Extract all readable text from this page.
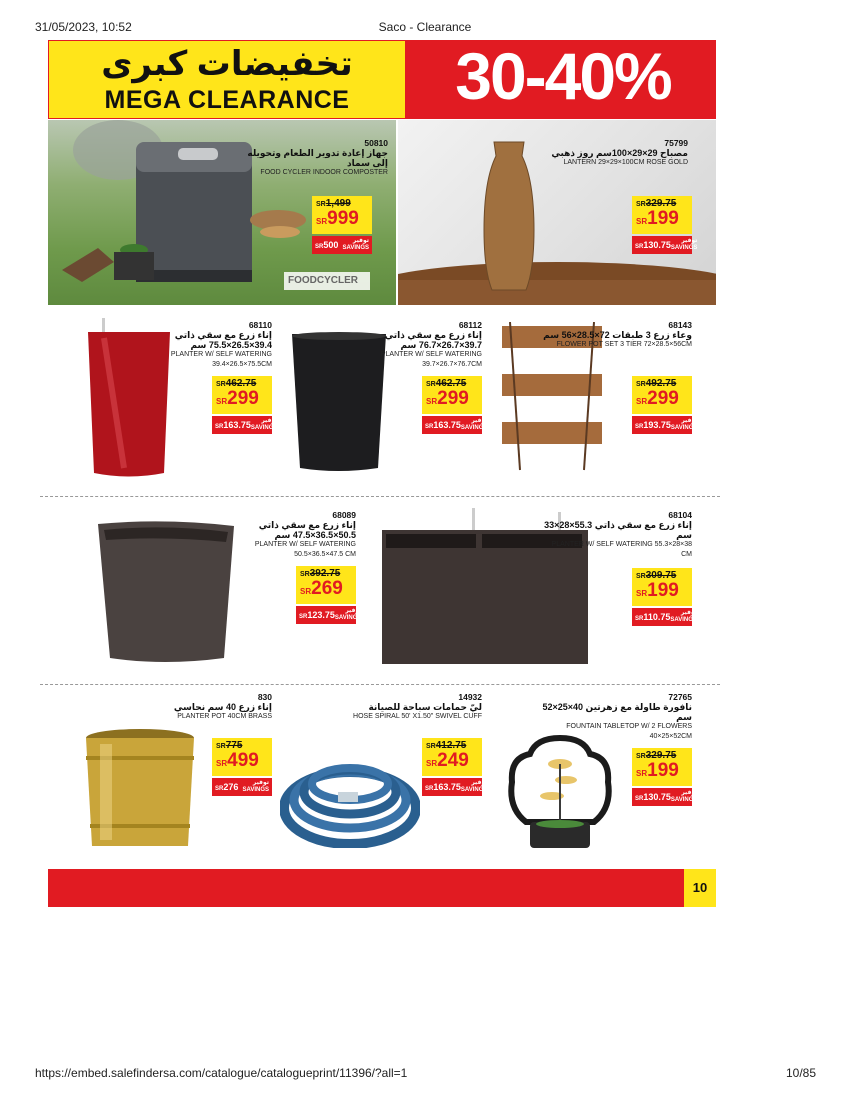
31/05/2023, 10:52	Saco - Clearance
تخفيضات كبرى
MEGA CLEARANCE	30-40%
FOODCYCLER
50810
جهاز إعادة تدوير الطعام وتحويله إلى سماد
FOOD CYCLER INDOOR COMPOSTER
SR1,499
SR999
SR500	توفير
SAVINGS
75799
مصباح 29×29×100سم روز ذهبي
LANTERN 29×29×100CM ROSE GOLD
SR329.75
SR199
SR130.75	توفير
SAVINGS
68110
إناء زرع مع سقي ذاتي 39.4×26.5×75.5 سم
PLANTER W/ SELF WATERING 39.4×26.5×75.5CM
SR462.75
SR299
SR163.75	توفير
SAVINGS
68112
إناء زرع مع سقي ذاتي 39.7×26.7×76.7 سم
PLANTER W/ SELF WATERING 39.7×26.7×76.7CM
SR462.75
SR299
SR163.75	توفير
SAVINGS
68143
وعاء زرع 3 طبقات 72×28.5×56 سم
FLOWER POT SET 3 TIER 72×28.5×56CM
SR492.75
SR299
SR193.75	توفير
SAVINGS
68089
إناء زرع مع سقي ذاتي 50.5×36.5×47.5 سم
PLANTER W/ SELF WATERING 50.5×36.5×47.5 CM
SR392.75
SR269
SR123.75	توفير
SAVINGS
68104
إناء زرع مع سقي ذاتي 55.3×28×33 سم
PLANTER W/ SELF WATERING 55.3×28×38 CM
SR309.75
SR199
SR110.75	توفير
SAVINGS
830
إناء زرع 40 سم نحاسي
PLANTER POT 40CM BRASS
SR775
SR499
SR276	توفير
SAVINGS
14932
ليّ حمامات سباحة للصيانة
HOSE SPIRAL 50' X1.50" SWIVEL CUFF
SR412.75
SR249
SR163.75	توفير
SAVINGS
72765
نافورة طاولة مع زهرتين 40×25×52 سم
FOUNTAIN TABLETOP W/ 2 FLOWERS 40×25×52CM
SR329.75
SR199
SR130.75	توفير
SAVINGS
10
https://embed.salefindersa.com/catalogue/catalogueprint/11396/?all=1	10/85
